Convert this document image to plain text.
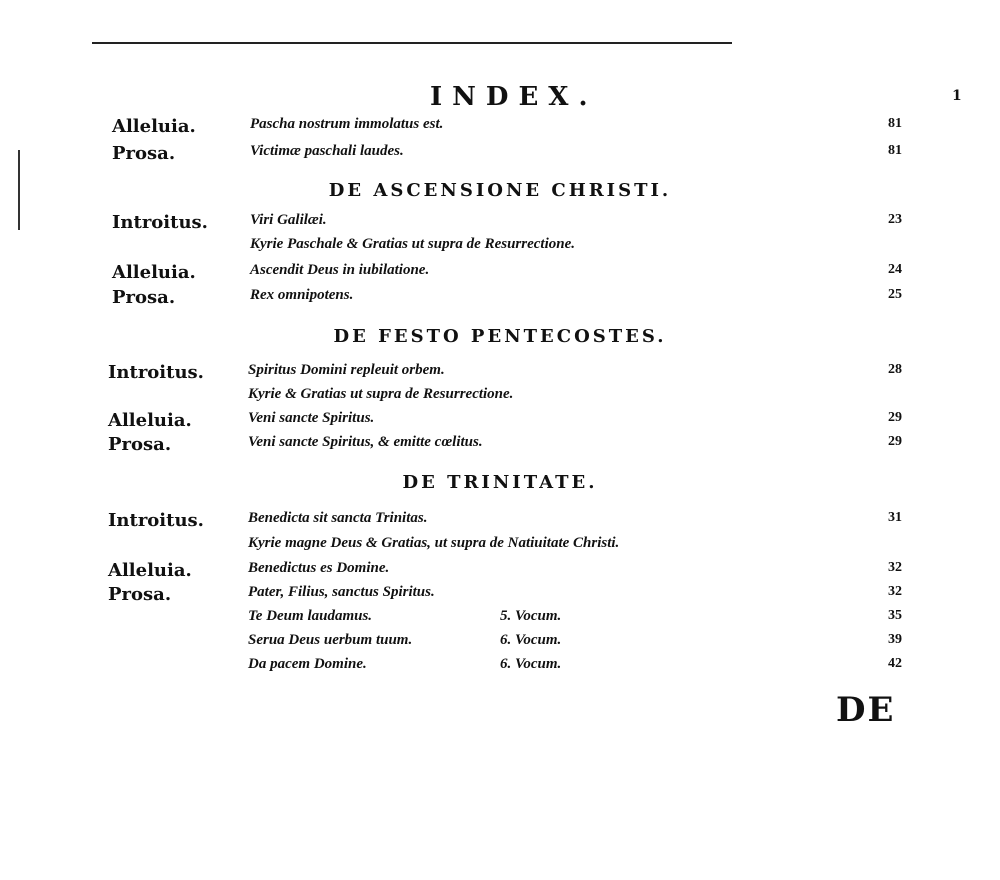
1
INDEX.
Alleluia.	Pascha nostrum immolatus est.	81
Prosa.	Victimæ paschali laudes.	81
DE ASCENSIONE CHRISTI.
Introitus.	Viri Galilæi.	23
Kyrie Paschale & Gratias ut supra de Resurrectione.
Alleluia.	Ascendit Deus in iubilatione.	24
Prosa.	Rex omnipotens.	25
DE FESTO PENTECOSTES.
Introitus.	Spiritus Domini repleuit orbem.	28
Kyrie & Gratias ut supra de Resurrectione.
Alleluia.	Veni sancte Spiritus.	29
Prosa.	Veni sancte Spiritus, & emitte cœlitus.	29
DE TRINITATE.
Introitus.	Benedicta sit sancta Trinitas.	31
Kyrie magne Deus & Gratias, ut supra de Natiuitate Christi.
Alleluia.	Benedictus es Domine.	32
Prosa.	Pater, Filius, sanctus Spiritus.	32
Te Deum laudamus.	5. Vocum.	35
Serua Deus uerbum tuum.	6. Vocum.	39
Da pacem Domine.	6. Vocum.	42
DE
